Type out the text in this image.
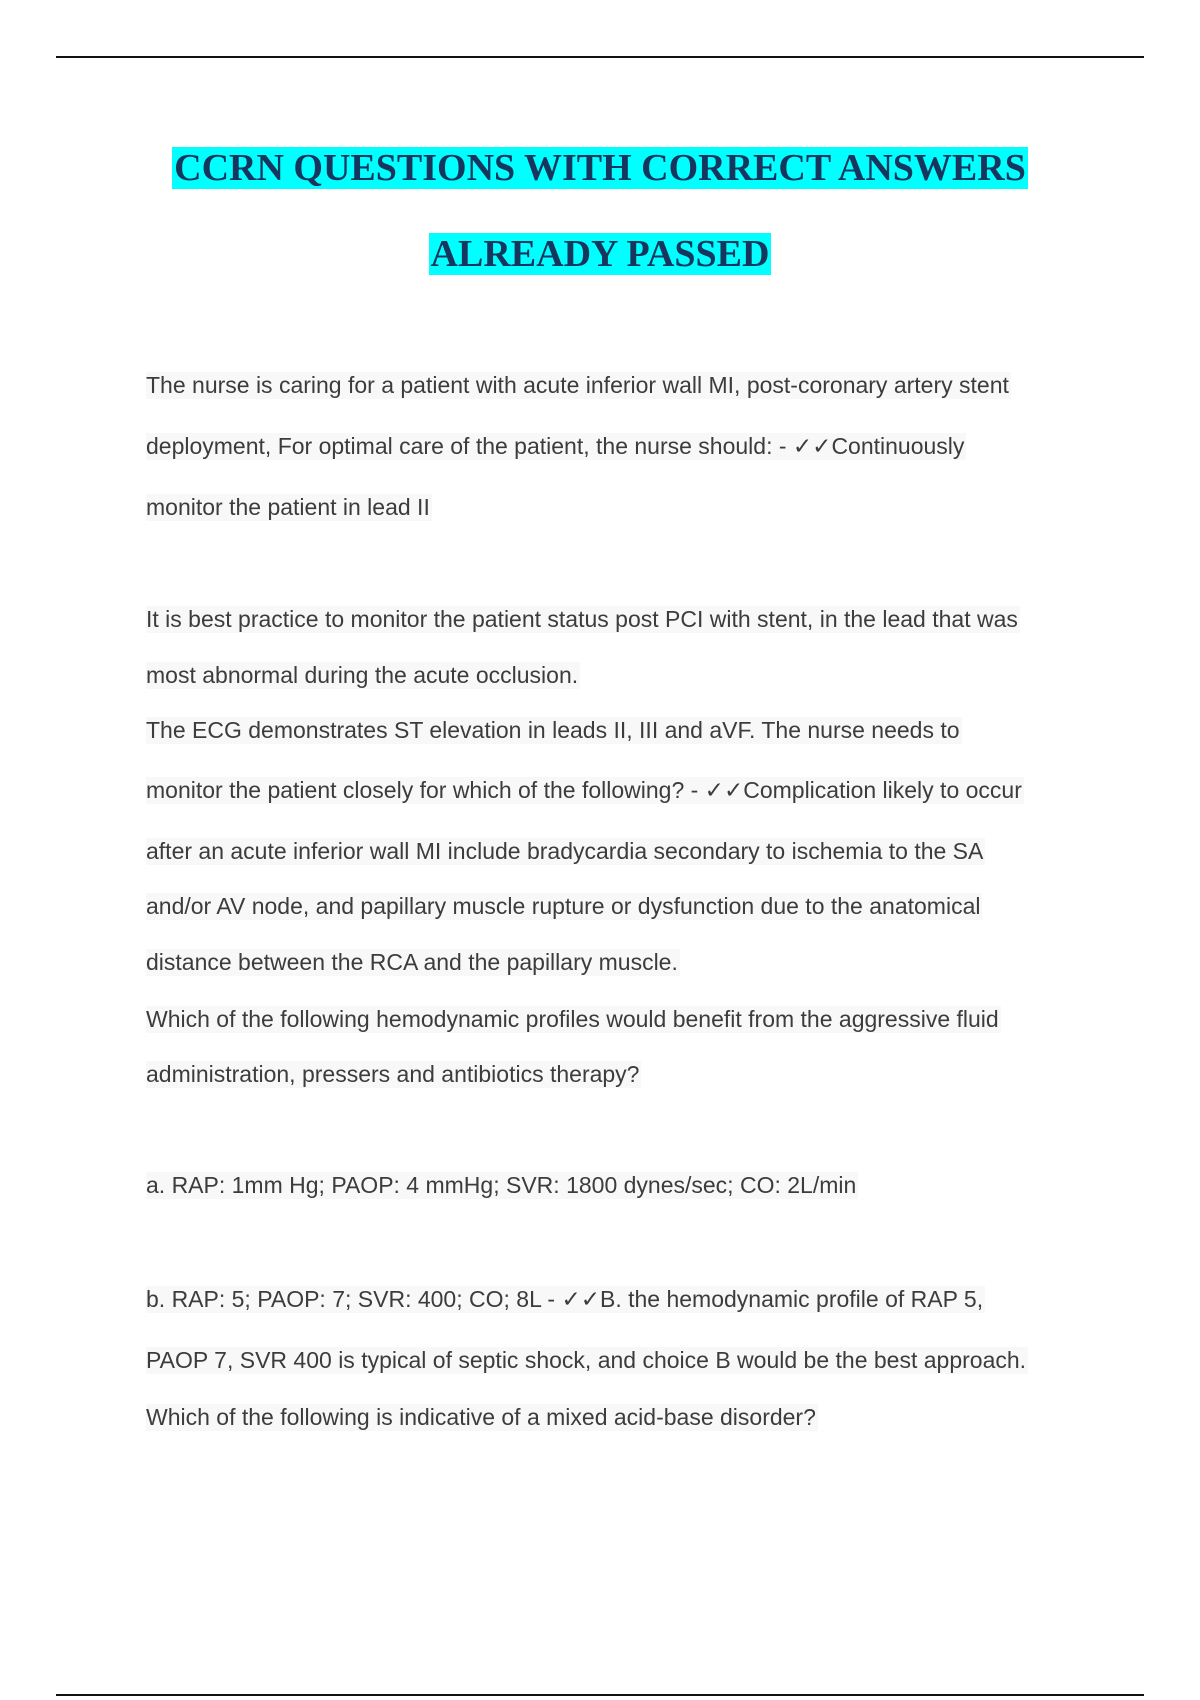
CCRN QUESTIONS WITH CORRECT ANSWERS
ALREADY PASSED
The nurse is caring for a patient with acute inferior wall MI, post-coronary artery stent
deployment, For optimal care of the patient, the nurse should: - ✓✓Continuously
monitor the patient in lead II
It is best practice to monitor the patient status post PCI with stent, in the lead that was
most abnormal during the acute occlusion.
The ECG demonstrates ST elevation in leads II, III and aVF. The nurse needs to
monitor the patient closely for which of the following? - ✓✓Complication likely to occur
after an acute inferior wall MI include bradycardia secondary to ischemia to the SA
and/or AV node, and papillary muscle rupture or dysfunction due to the anatomical
distance between the RCA and the papillary muscle.
Which of the following hemodynamic profiles would benefit from the aggressive fluid
administration, pressers and antibiotics therapy?
a. RAP: 1mm Hg; PAOP: 4 mmHg; SVR: 1800 dynes/sec; CO: 2L/min
b. RAP: 5; PAOP: 7; SVR: 400; CO; 8L - ✓✓B. the hemodynamic profile of RAP 5,
PAOP 7, SVR 400 is typical of septic shock, and choice B would be the best approach.
Which of the following is indicative of a mixed acid-base disorder?
